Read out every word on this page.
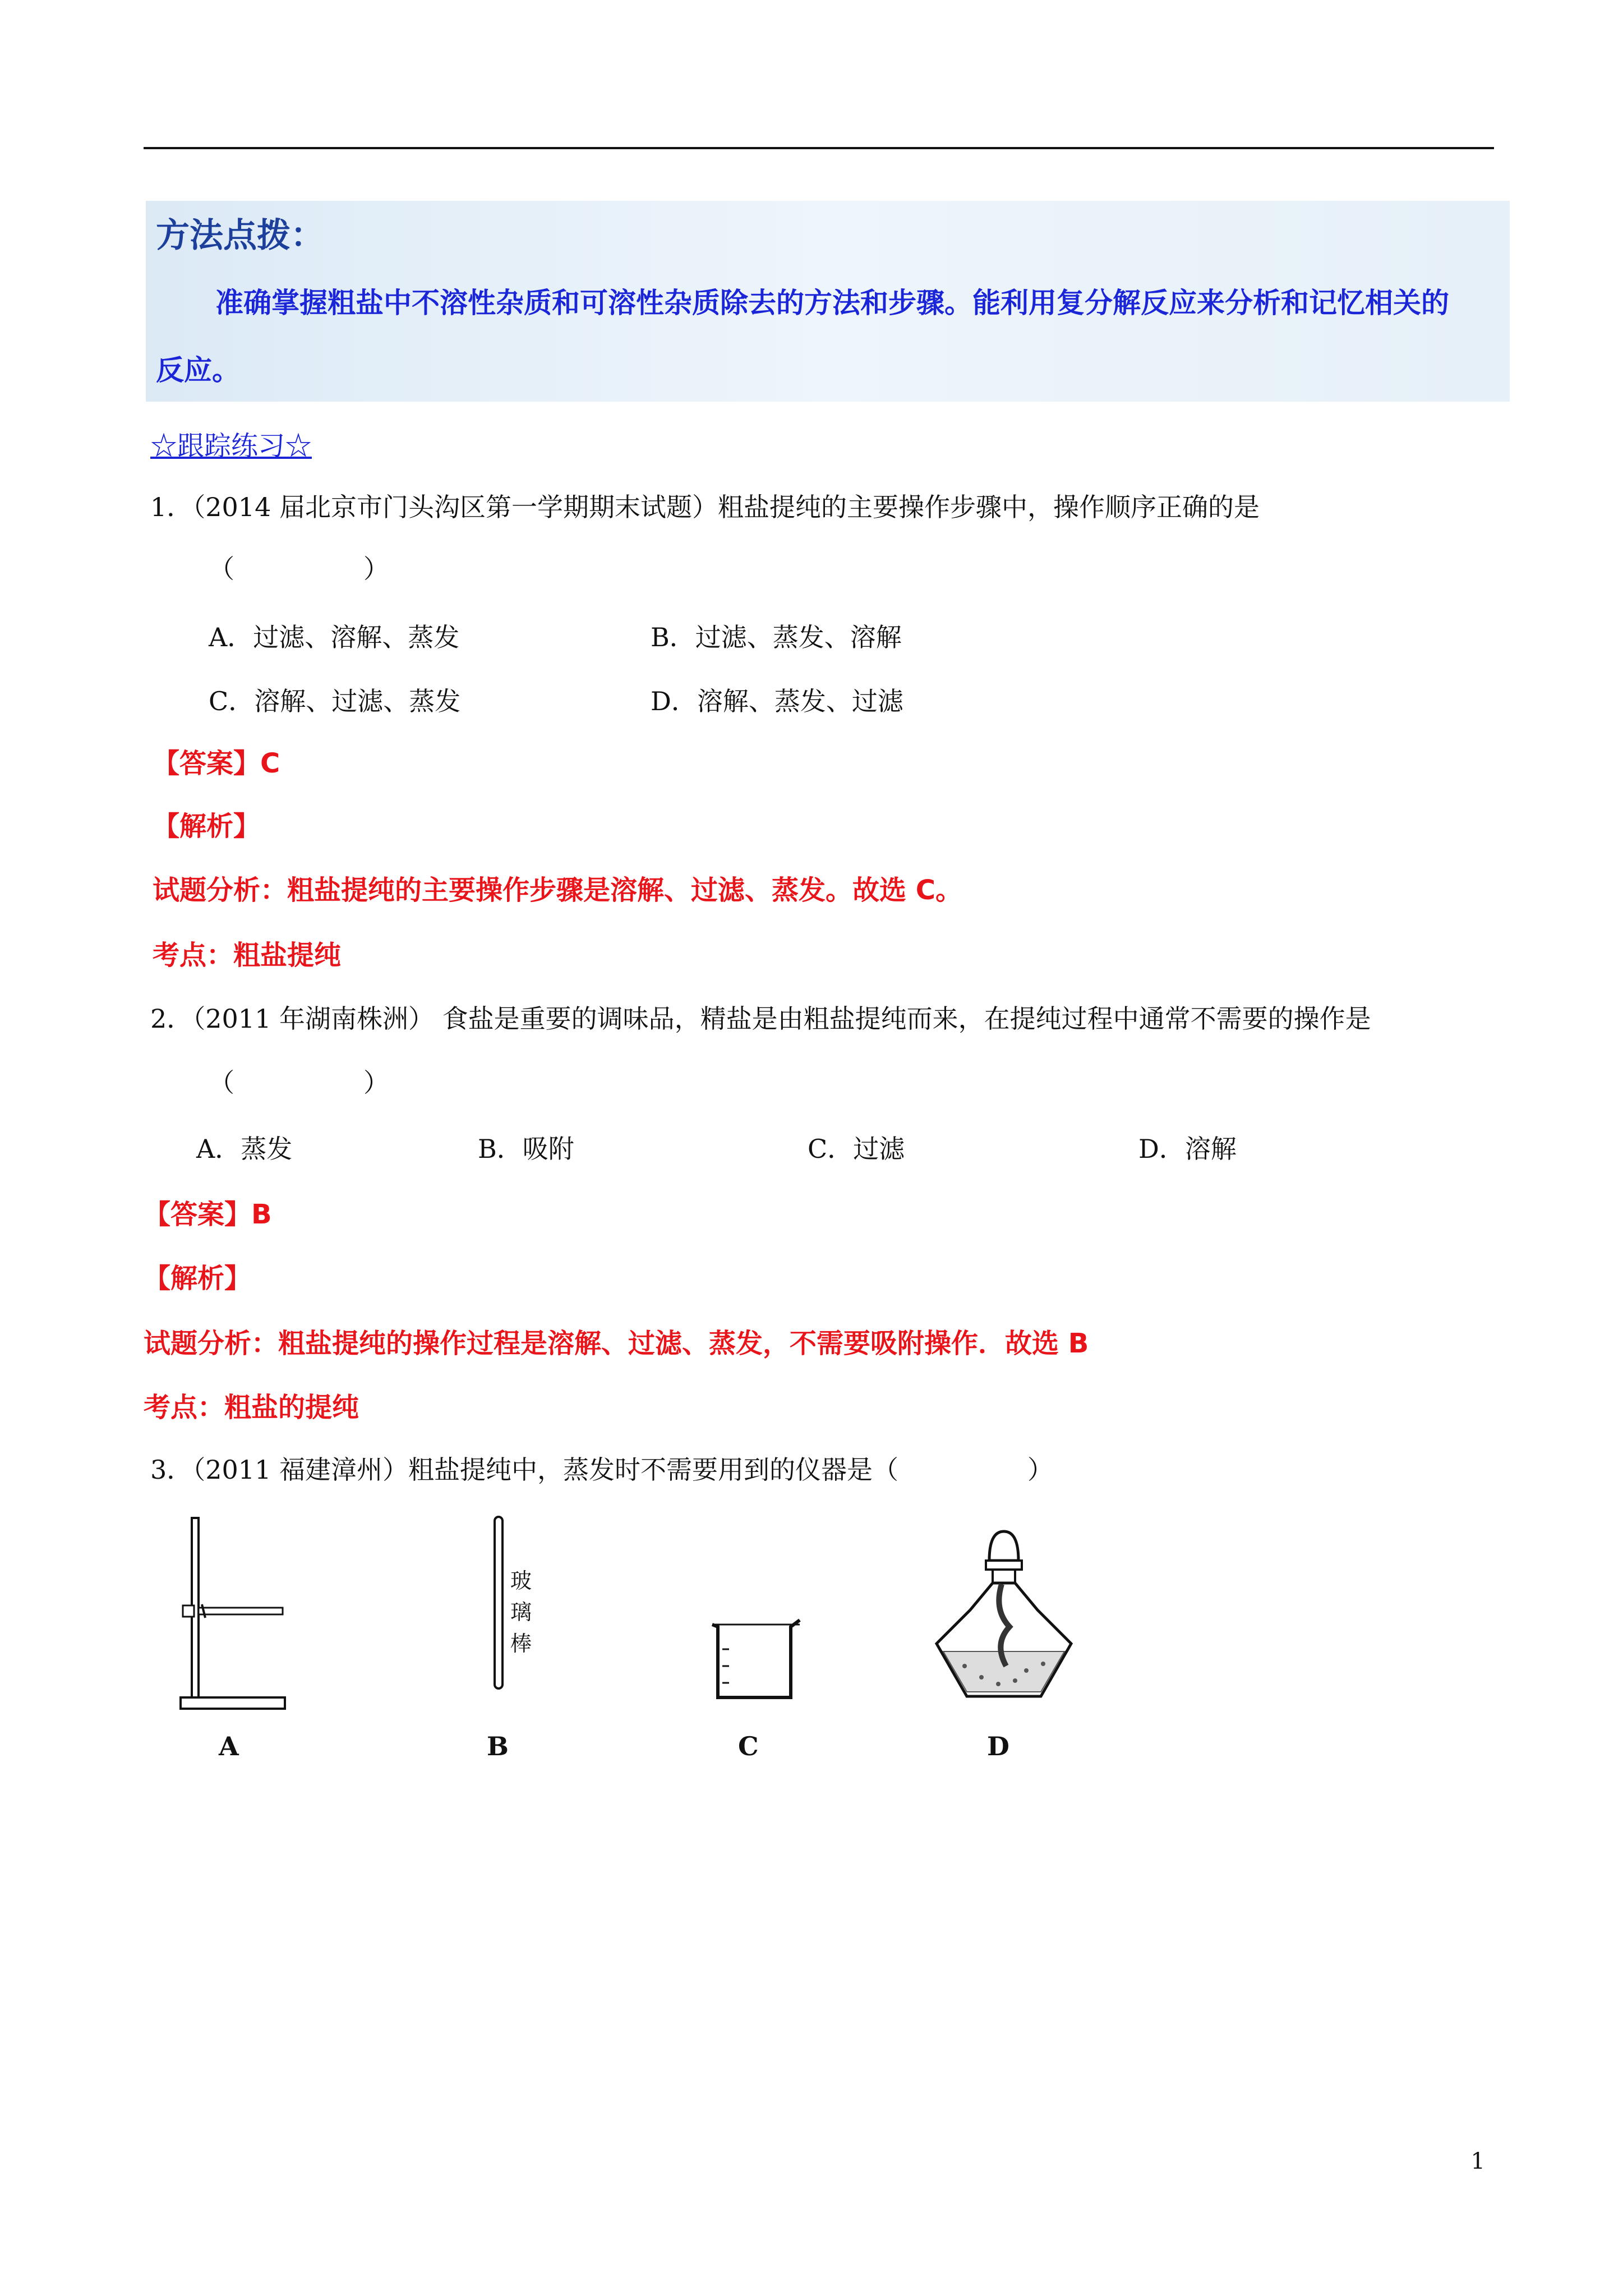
方法点拨：
准确掌握粗盐中不溶性杂质和可溶性杂质除去的方法和步骤。能利用复分解反应来分析和记忆相关的
反应。
☆跟踪练习☆
1．（2014 届北京市门头沟区第一学期期末试题）粗盐提纯的主要操作步骤中，操作顺序正确的是
（　　　　　）
A．过滤、溶解、蒸发	B．过滤、蒸发、溶解
C．溶解、过滤、蒸发	D．溶解、蒸发、过滤
【答案】C
【解析】
试题分析：粗盐提纯的主要操作步骤是溶解、过滤、蒸发。故选 C。
考点：粗盐提纯
2．（2011 年湖南株洲） 食盐是重要的调味品，精盐是由粗盐提纯而来，在提纯过程中通常不需要的操作是
（　　　　　）
A．蒸发	B．吸附	C．过滤	D．溶解
【答案】B
【解析】
试题分析：粗盐提纯的操作过程是溶解、过滤、蒸发，不需要吸附操作．故选 B
考点：粗盐的提纯
3．（2011 福建漳州）粗盐提纯中，蒸发时不需要用到的仪器是（　　　　　）
A
玻
璃
棒
B	C	D
1
